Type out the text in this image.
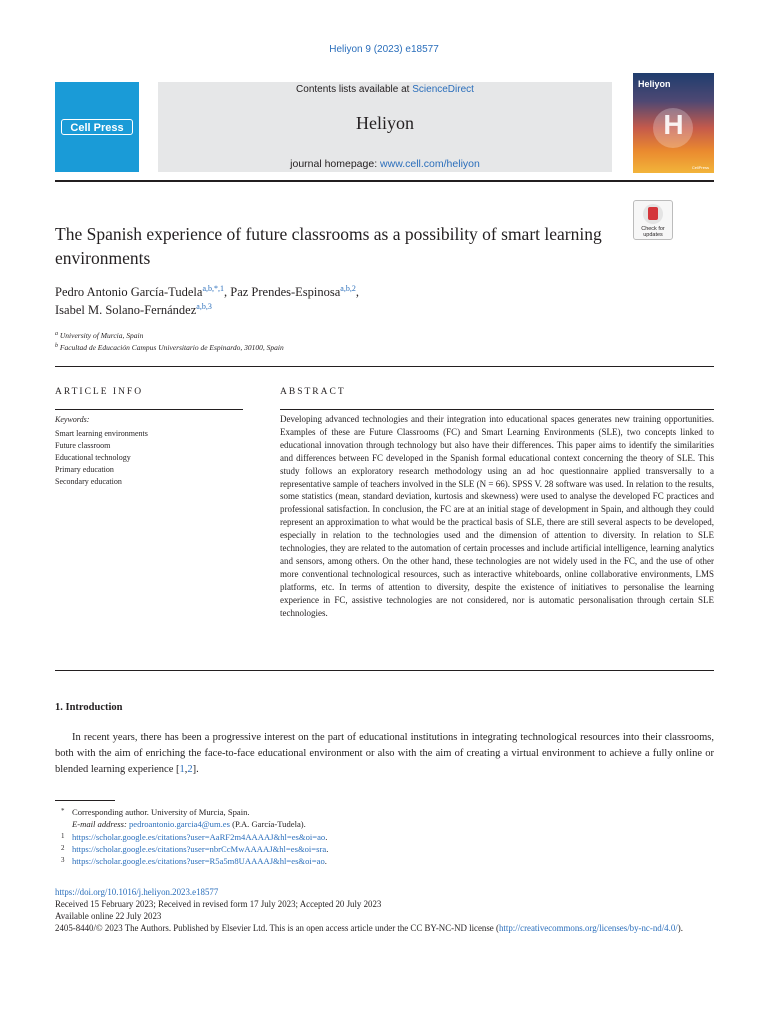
Heliyon 9 (2023) e18577
Cell Press
Contents lists available at ScienceDirect
Heliyon
journal homepage: www.cell.com/heliyon
Heliyon
H
CellPress
Check for updates
The Spanish experience of future classrooms as a possibility of smart learning environments
Pedro Antonio García-Tudela$^{a,b,*,1}$, Paz Prendes-Espinosa$^{a,b,2}$,
Isabel M. Solano-Fernández$^{a,b,3}$
$^a$ University of Murcia, Spain
$^b$ Facultad de Educación Campus Universitario de Espinardo, 30100, Spain
ARTICLE INFO
Keywords:
Smart learning environments
Future classroom
Educational technology
Primary education
Secondary education
ABSTRACT
Developing advanced technologies and their integration into educational spaces generates new training opportunities. Examples of these are Future Classrooms (FC) and Smart Learning Environments (SLE), two concepts linked to educational innovation through technology but also have their differences. This paper aims to identify the similarities and differences between FC developed in the Spanish formal educational context concerning the theory of SLE. This study follows an exploratory research methodology using an ad hoc questionnaire applied transversally to a representative sample of teachers involved in the SLE (N = 66). SPSS V. 28 software was used. In relation to the results, some statistics (mean, standard deviation, kurtosis and skewness) were used to analyse the developed FC practices and professional satisfaction. In conclusion, the FC are at an initial stage of development in Spain, and although they could represent an approximation to what would be the practical basis of SLE, there are still several aspects to be developed, especially in relation to the technologies used and the dimension of attention to diversity. In relation to SLE technologies, they are related to the automation of certain processes and include artificial intelligence, learning analytics and sensors, among others. On the other hand, these technologies are not widely used in the FC, and the use of other more conventional technological resources, such as interactive whiteboards, online collaborative environments, LMS platforms, etc. In terms of attention to diversity, despite the existence of initiatives to personalise the learning experience in FC, assistive technologies are not considered, nor is automatic personalisation through certain SLE technologies.
1. Introduction

In recent years, there has been a progressive interest on the part of educational institutions in integrating technological resources into their classrooms, both with the aim of enriching the face-to-face educational environment or also with the aim of creating a virtual environment to achieve a fully online or blended learning experience [1,2].

* Corresponding author. University of Murcia, Spain.
E-mail address: pedroantonio.garcia4@um.es (P.A. García-Tudela).
1 https://scholar.google.es/citations?user=AaRF2m4AAAAJ&hl=es&oi=ao.
2 https://scholar.google.es/citations?user=nbrCcMwAAAAJ&hl=es&oi=sra.
3 https://scholar.google.es/citations?user=R5a5m8UAAAAJ&hl=es&oi=ao.
https://doi.org/10.1016/j.heliyon.2023.e18577
Received 15 February 2023; Received in revised form 17 July 2023; Accepted 20 July 2023
Available online 22 July 2023
2405-8440/© 2023 The Authors. Published by Elsevier Ltd. This is an open access article under the CC BY-NC-ND license (http://creativecommons.org/licenses/by-nc-nd/4.0/).
